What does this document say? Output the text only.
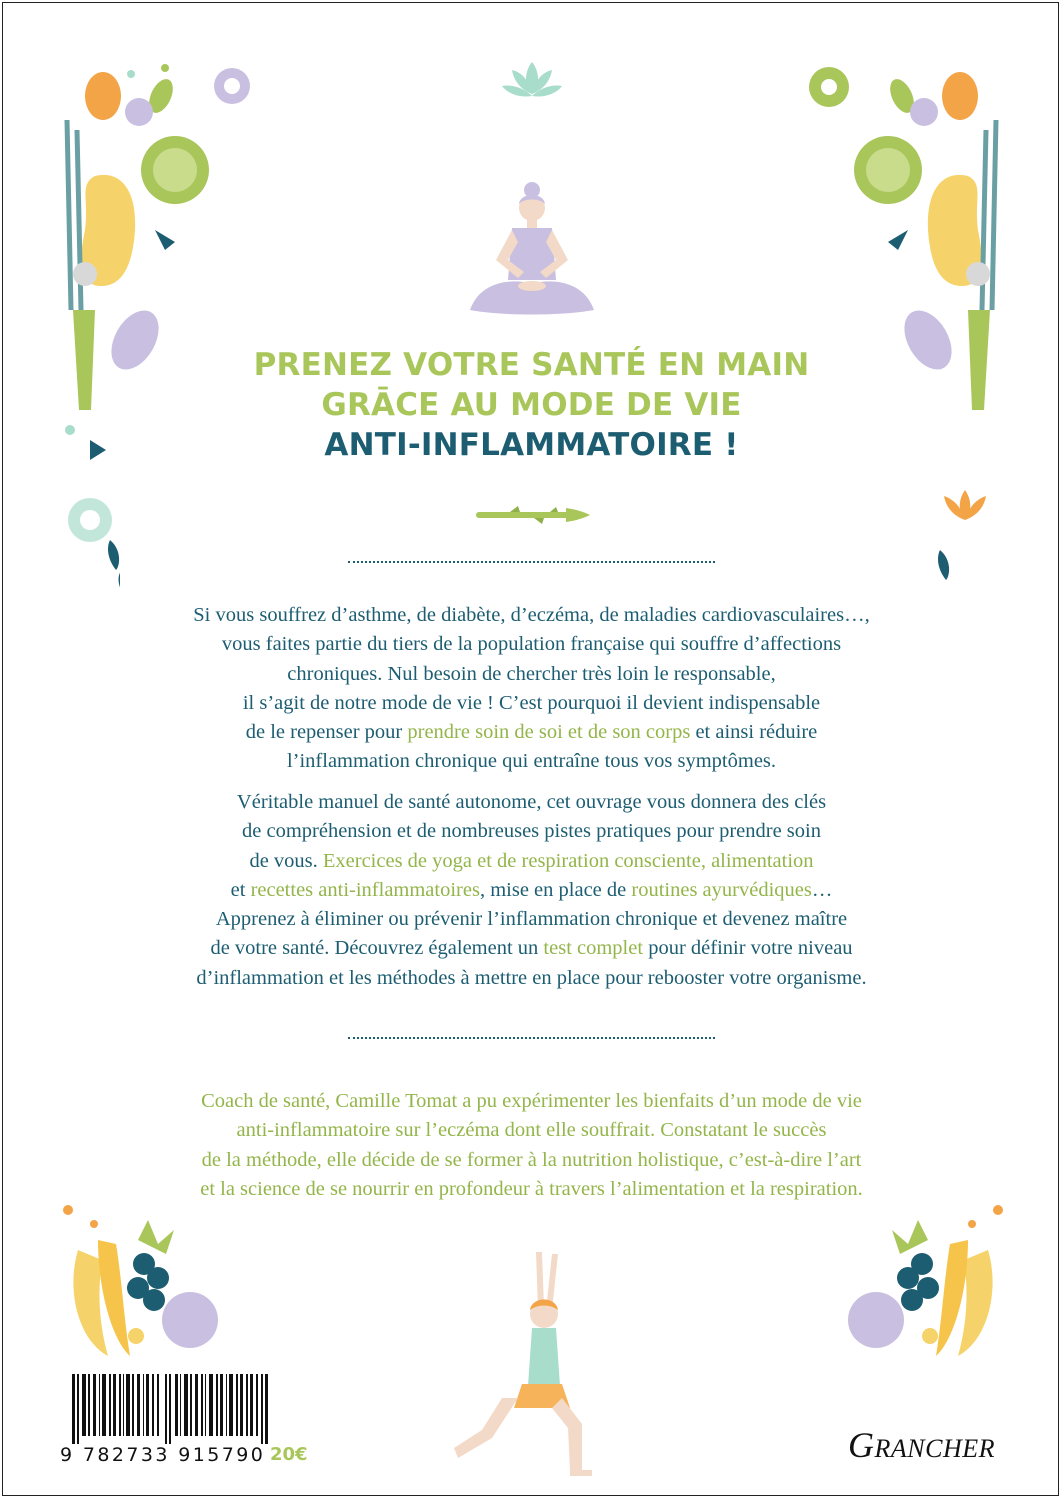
PRENEZ VOTRE SANTÉ EN MAIN
GRĀCE AU MODE DE VIE
ANTI-INFLAMMATOIRE !
Si vous souffrez d’asthme, de diabète, d’eczéma, de maladies cardiovasculaires…,
vous faites partie du tiers de la population française qui souffre d’affections
chroniques. Nul besoin de chercher très loin le responsable,
il s’agit de notre mode de vie ! C’est pourquoi il devient indispensable
de le repenser pour prendre soin de soi et de son corps et ainsi réduire
l’inflammation chronique qui entraîne tous vos symptômes.
Véritable manuel de santé autonome, cet ouvrage vous donnera des clés
de compréhension et de nombreuses pistes pratiques pour prendre soin
de vous. Exercices de yoga et de respiration consciente, alimentation
et recettes anti-inflammatoires, mise en place de routines ayurvédiques…
Apprenez à éliminer ou prévenir l’inflammation chronique et devenez maître
de votre santé. Découvrez également un test complet pour définir votre niveau
d’inflammation et les méthodes à mettre en place pour rebooster votre organisme.
Coach de santé, Camille Tomat a pu expérimenter les bienfaits d’un mode de vie
anti-inflammatoire sur l’eczéma dont elle souffrait. Constatant le succès
de la méthode, elle décide de se former à la nutrition holistique, c’est-à-dire l’art
et la science de se nourrir en profondeur à travers l’alimentation et la respiration.
9 782733 915790 20€	GRANCHER
